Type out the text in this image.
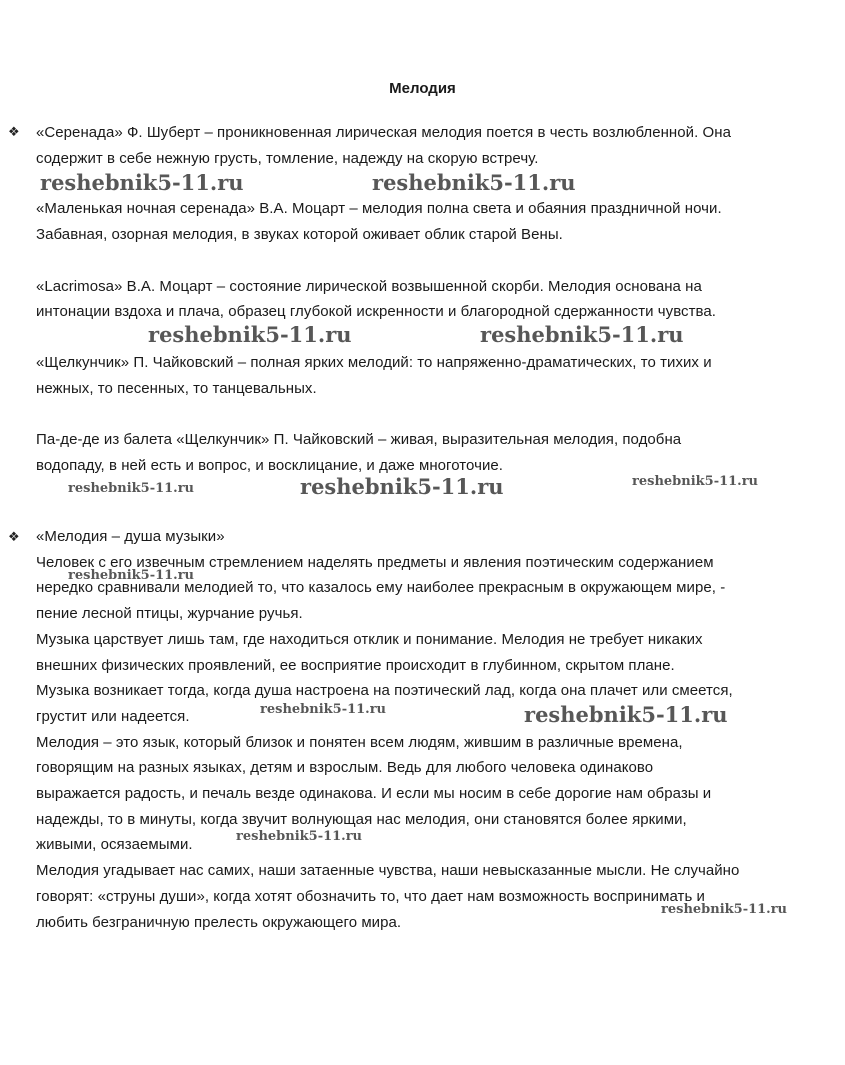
Мелодия
❖ «Серенада» Ф. Шуберт – проникновенная лирическая мелодия поется в честь возлюбленной. Она

содержит в себе нежную грусть, томление, надежду на скорую встречу.

«Маленькая ночная серенада» В.А. Моцарт – мелодия полна света и обаяния праздничной ночи.

Забавная, озорная мелодия, в звуках которой оживает облик старой Вены.

«Lacrimosa» В.А. Моцарт – состояние лирической возвышенной скорби. Мелодия основана на

интонации вздоха и плача, образец глубокой искренности и благородной сдержанности чувства.

«Щелкунчик» П. Чайковский – полная ярких мелодий: то напряженно-драматических, то тихих и

нежных, то песенных, то танцевальных.

Па-де-де из балета «Щелкунчик» П. Чайковский – живая, выразительная мелодия, подобна

водопаду, в ней есть и вопрос, и восклицание, и даже многоточие.

❖ «Мелодия – душа музыки»

Человек с его извечным стремлением наделять предметы и явления поэтическим содержанием

нередко сравнивали мелодией то, что казалось ему наиболее прекрасным в окружающем мире, -

пение лесной птицы, журчание ручья.

Музыка царствует лишь там, где находиться отклик и понимание. Мелодия не требует никаких

внешних физических проявлений, ее восприятие происходит в глубинном, скрытом плане.

Музыка возникает тогда, когда душа настроена на поэтический лад, когда она плачет или смеется,

грустит или надеется.

Мелодия – это язык, который близок и понятен всем людям, жившим в различные времена,

говорящим на разных языках, детям и взрослым. Ведь для любого человека одинаково

выражается радость, и печаль везде одинакова. И если мы носим в себе дорогие нам образы и

надежды, то в минуты, когда звучит волнующая нас мелодия, они становятся более яркими,

живыми, осязаемыми.

Мелодия угадывает нас самих, наши затаенные чувства, наши невысказанные мысли. Не случайно

говорят: «струны души», когда хотят обозначить то, что дает нам возможность воспринимать и

любить безграничную прелесть окружающего мира.

reshebnik5-11.ru	reshebnik5-11.ru
reshebnik5-11.ru	reshebnik5-11.ru
reshebnik5-11.ru	reshebnik5-11.ru	reshebnik5-11.ru
reshebnik5-11.ru
reshebnik5-11.ru	reshebnik5-11.ru
reshebnik5-11.ru
reshebnik5-11.ru
